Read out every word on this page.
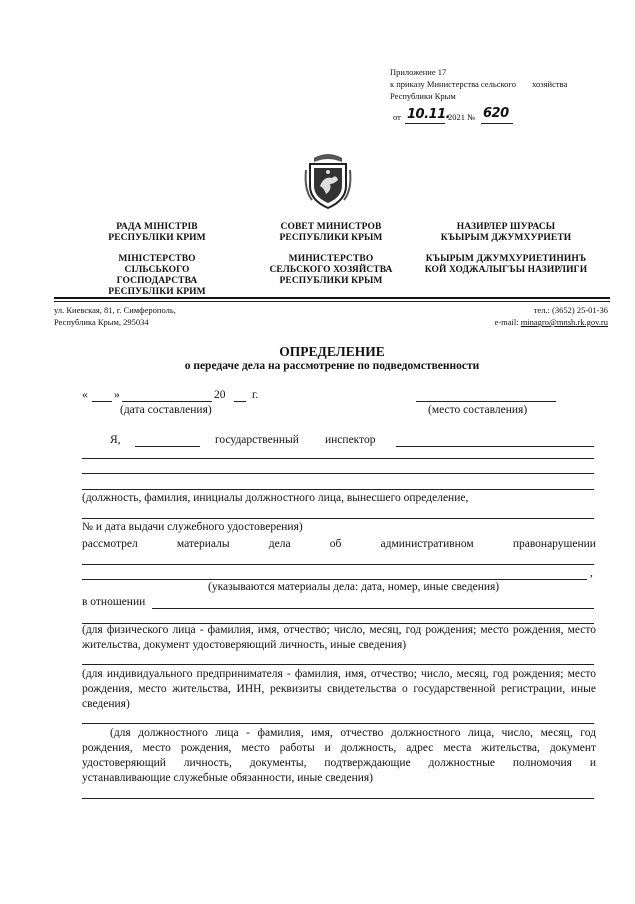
Приложение 17
к приказу Министерства сельского хозяйства
Республики Крым
от 10.11.
2021 № 620
РАДА МІНІСТРІВ
РЕСПУБЛІКИ КРИМ
МІНІСТЕРСТВО
СІЛЬСЬКОГО
ГОСПОДАРСТВА
РЕСПУБЛІКИ КРИМ
СОВЕТ МИНИСТРОВ
РЕСПУБЛИКИ КРЫМ
МИНИСТЕРСТВО
СЕЛЬСКОГО ХОЗЯЙСТВА
РЕСПУБЛИКИ КРЫМ
НАЗИРЛЕР ШУРАСЫ
КЪЫРЫМ ДЖУМХУРИЕТИ
КЪЫРЫМ ДЖУМХУРИЕТИНИНЪ
КОЙ ХОДЖАЛЫГЪЫ НАЗИРЛИГИ
ул. Киевская, 81, г. Симферополь,
Республика Крым, 295034
тел.: (3652) 25-01-36
e-mail: minagro@mnsh.rk.gov.ru
ОПРЕДЕЛЕНИЕ
о передаче дела на рассмотрение по подведомственности
« »	20 г.
(дата составления)	(место составления)
Я,	государственный инспектор
(должность, фамилия, инициалы должностного лица, вынесшего определение,
№ и дата выдачи служебного удостоверения)
рассмотрел	материалы	дела	об	административном	правонарушении
,
(указываются материалы дела: дата, номер, иные сведения)
в отношении
(для физического лица - фамилия, имя, отчество; число, месяц, год рождения; место рождения, место жительства, документ удостоверяющий личность, иные сведения)
(для индивидуального предпринимателя - фамилия, имя, отчество; число, месяц, год рождения; место рождения, место жительства, ИНН, реквизиты свидетельства о государственной регистрации, иные сведения)
(для должностного лица - фамилия, имя, отчество должностного лица, число, месяц, год рождения, место рождения, место работы и должность, адрес места жительства, документ удостоверяющий личность, документы, подтверждающие должностные полномочия и устанавливающие служебные обязанности, иные сведения)
